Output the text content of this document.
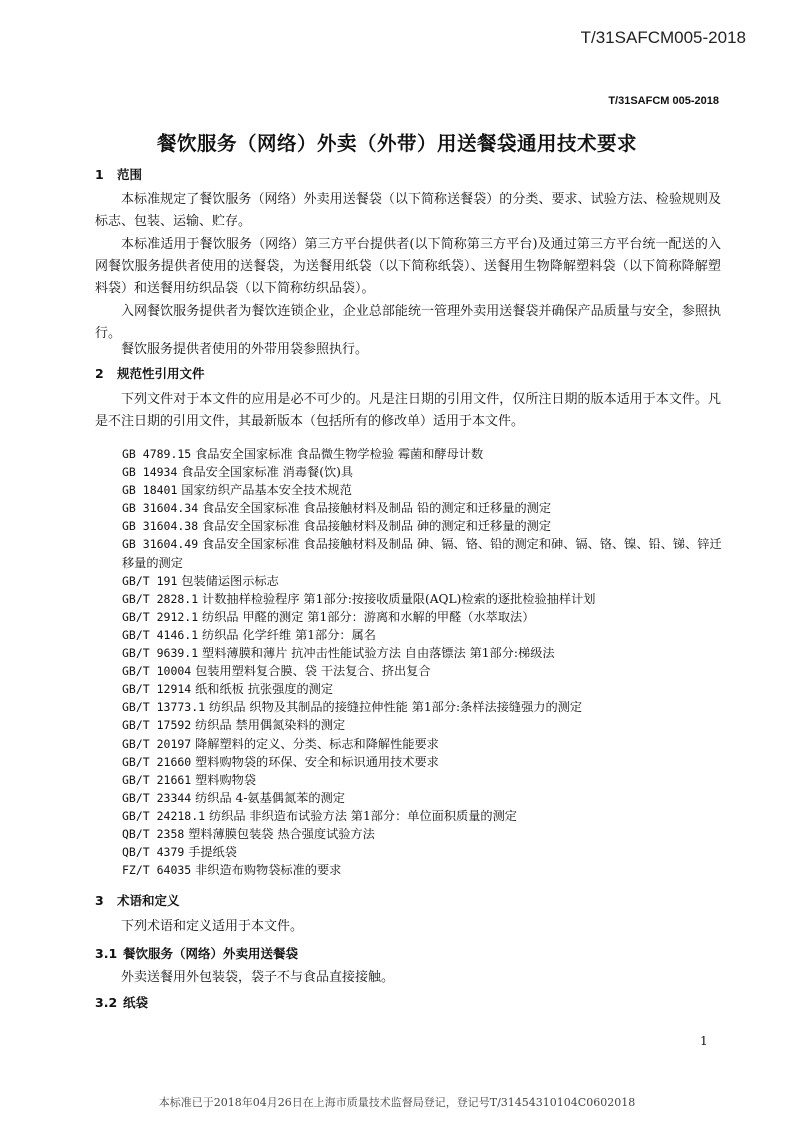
T/31SAFCM005-2018
T/31SAFCM 005-2018
餐饮服务（网络）外卖（外带）用送餐袋通用技术要求
1 范围
本标准规定了餐饮服务（网络）外卖用送餐袋（以下简称送餐袋）的分类、要求、试验方法、检验规则及标志、包装、运输、贮存。
本标准适用于餐饮服务（网络）第三方平台提供者(以下简称第三方平台)及通过第三方平台统一配送的入网餐饮服务提供者使用的送餐袋，为送餐用纸袋（以下简称纸袋）、送餐用生物降解塑料袋（以下简称降解塑料袋）和送餐用纺织品袋（以下简称纺织品袋）。
入网餐饮服务提供者为餐饮连锁企业，企业总部能统一管理外卖用送餐袋并确保产品质量与安全，参照执行。
餐饮服务提供者使用的外带用袋参照执行。
2 规范性引用文件
下列文件对于本文件的应用是必不可少的。凡是注日期的引用文件，仅所注日期的版本适用于本文件。凡是不注日期的引用文件，其最新版本（包括所有的修改单）适用于本文件。
GB 4789.15 食品安全国家标准 食品微生物学检验 霉菌和酵母计数
GB 14934 食品安全国家标准 消毒餐(饮)具
GB 18401 国家纺织产品基本安全技术规范
GB 31604.34 食品安全国家标准 食品接触材料及制品 铅的测定和迁移量的测定
GB 31604.38 食品安全国家标准 食品接触材料及制品 砷的测定和迁移量的测定
GB 31604.49 食品安全国家标准 食品接触材料及制品 砷、镉、铬、铅的测定和砷、镉、铬、镍、铅、锑、锌迁移量的测定
GB/T 191 包装储运图示标志
GB/T 2828.1 计数抽样检验程序 第1部分:按接收质量限(AQL)检索的逐批检验抽样计划
GB/T 2912.1 纺织品 甲醛的测定 第1部分：游离和水解的甲醛（水萃取法）
GB/T 4146.1 纺织品 化学纤维 第1部分：属名
GB/T 9639.1 塑料薄膜和薄片 抗冲击性能试验方法 自由落镖法 第1部分:梯级法
GB/T 10004 包装用塑料复合膜、袋 干法复合、挤出复合
GB/T 12914 纸和纸板 抗张强度的测定
GB/T 13773.1 纺织品 织物及其制品的接缝拉伸性能 第1部分:条样法接缝强力的测定
GB/T 17592 纺织品 禁用偶氮染料的测定
GB/T 20197 降解塑料的定义、分类、标志和降解性能要求
GB/T 21660 塑料购物袋的环保、安全和标识通用技术要求
GB/T 21661 塑料购物袋
GB/T 23344 纺织品 4-氨基偶氮苯的测定
GB/T 24218.1 纺织品 非织造布试验方法 第1部分：单位面积质量的测定
QB/T 2358 塑料薄膜包装袋 热合强度试验方法
QB/T 4379 手提纸袋
FZ/T 64035 非织造布购物袋标准的要求
3 术语和定义
下列术语和定义适用于本文件。
3.1 餐饮服务（网络）外卖用送餐袋
外卖送餐用外包装袋，袋子不与食品直接接触。
3.2 纸袋
1
本标准已于2018年04月26日在上海市质量技术监督局登记，登记号T/31454310104C0602018
